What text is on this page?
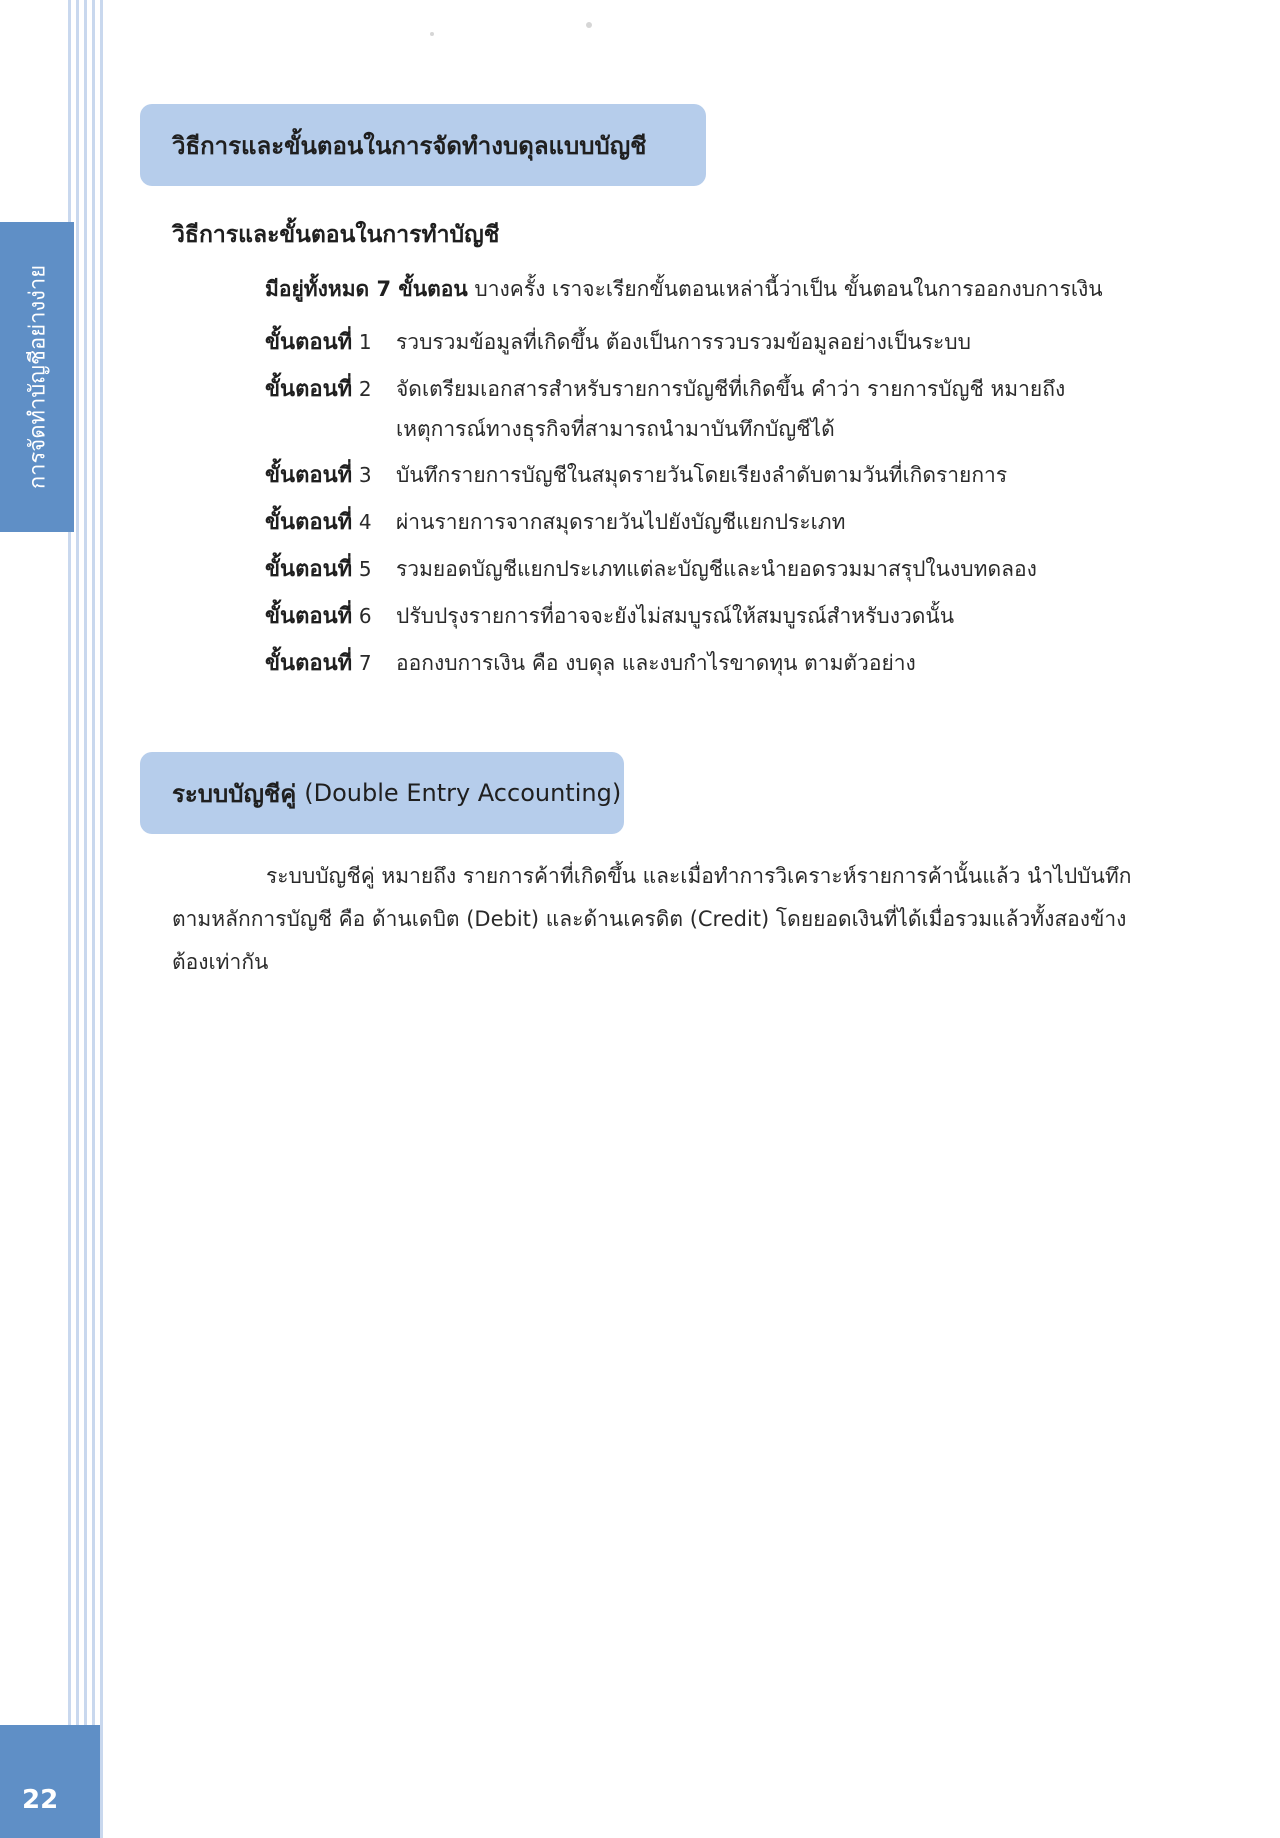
การจัดทำบัญชีอย่างง่าย
22
วิธีการและขั้นตอนในการจัดทำงบดุลแบบบัญชี
วิธีการและขั้นตอนในการทำบัญชี
มีอยู่ทั้งหมด 7 ขั้นตอน บางครั้ง เราจะเรียกขั้นตอนเหล่านี้ว่าเป็น ขั้นตอนในการออกงบการเงิน
ขั้นตอนที่ 1	รวบรวมข้อมูลที่เกิดขึ้น ต้องเป็นการรวบรวมข้อมูลอย่างเป็นระบบ
ขั้นตอนที่ 2	จัดเตรียมเอกสารสำหรับรายการบัญชีที่เกิดขึ้น คำว่า รายการบัญชี หมายถึง เหตุการณ์ทางธุรกิจที่สามารถนำมาบันทึกบัญชีได้
ขั้นตอนที่ 3	บันทึกรายการบัญชีในสมุดรายวันโดยเรียงลำดับตามวันที่เกิดรายการ
ขั้นตอนที่ 4	ผ่านรายการจากสมุดรายวันไปยังบัญชีแยกประเภท
ขั้นตอนที่ 5	รวมยอดบัญชีแยกประเภทแต่ละบัญชีและนำยอดรวมมาสรุปในงบทดลอง
ขั้นตอนที่ 6	ปรับปรุงรายการที่อาจจะยังไม่สมบูรณ์ให้สมบูรณ์สำหรับงวดนั้น
ขั้นตอนที่ 7	ออกงบการเงิน คือ งบดุล และงบกำไรขาดทุน ตามตัวอย่าง
ระบบบัญชีคู่ (Double Entry Accounting)
ระบบบัญชีคู่ หมายถึง รายการค้าที่เกิดขึ้น และเมื่อทำการวิเคราะห์รายการค้านั้นแล้ว นำไปบันทึกตามหลักการบัญชี คือ ด้านเดบิต (Debit) และด้านเครดิต (Credit) โดยยอดเงินที่ได้เมื่อรวมแล้วทั้งสองข้างต้องเท่ากัน
